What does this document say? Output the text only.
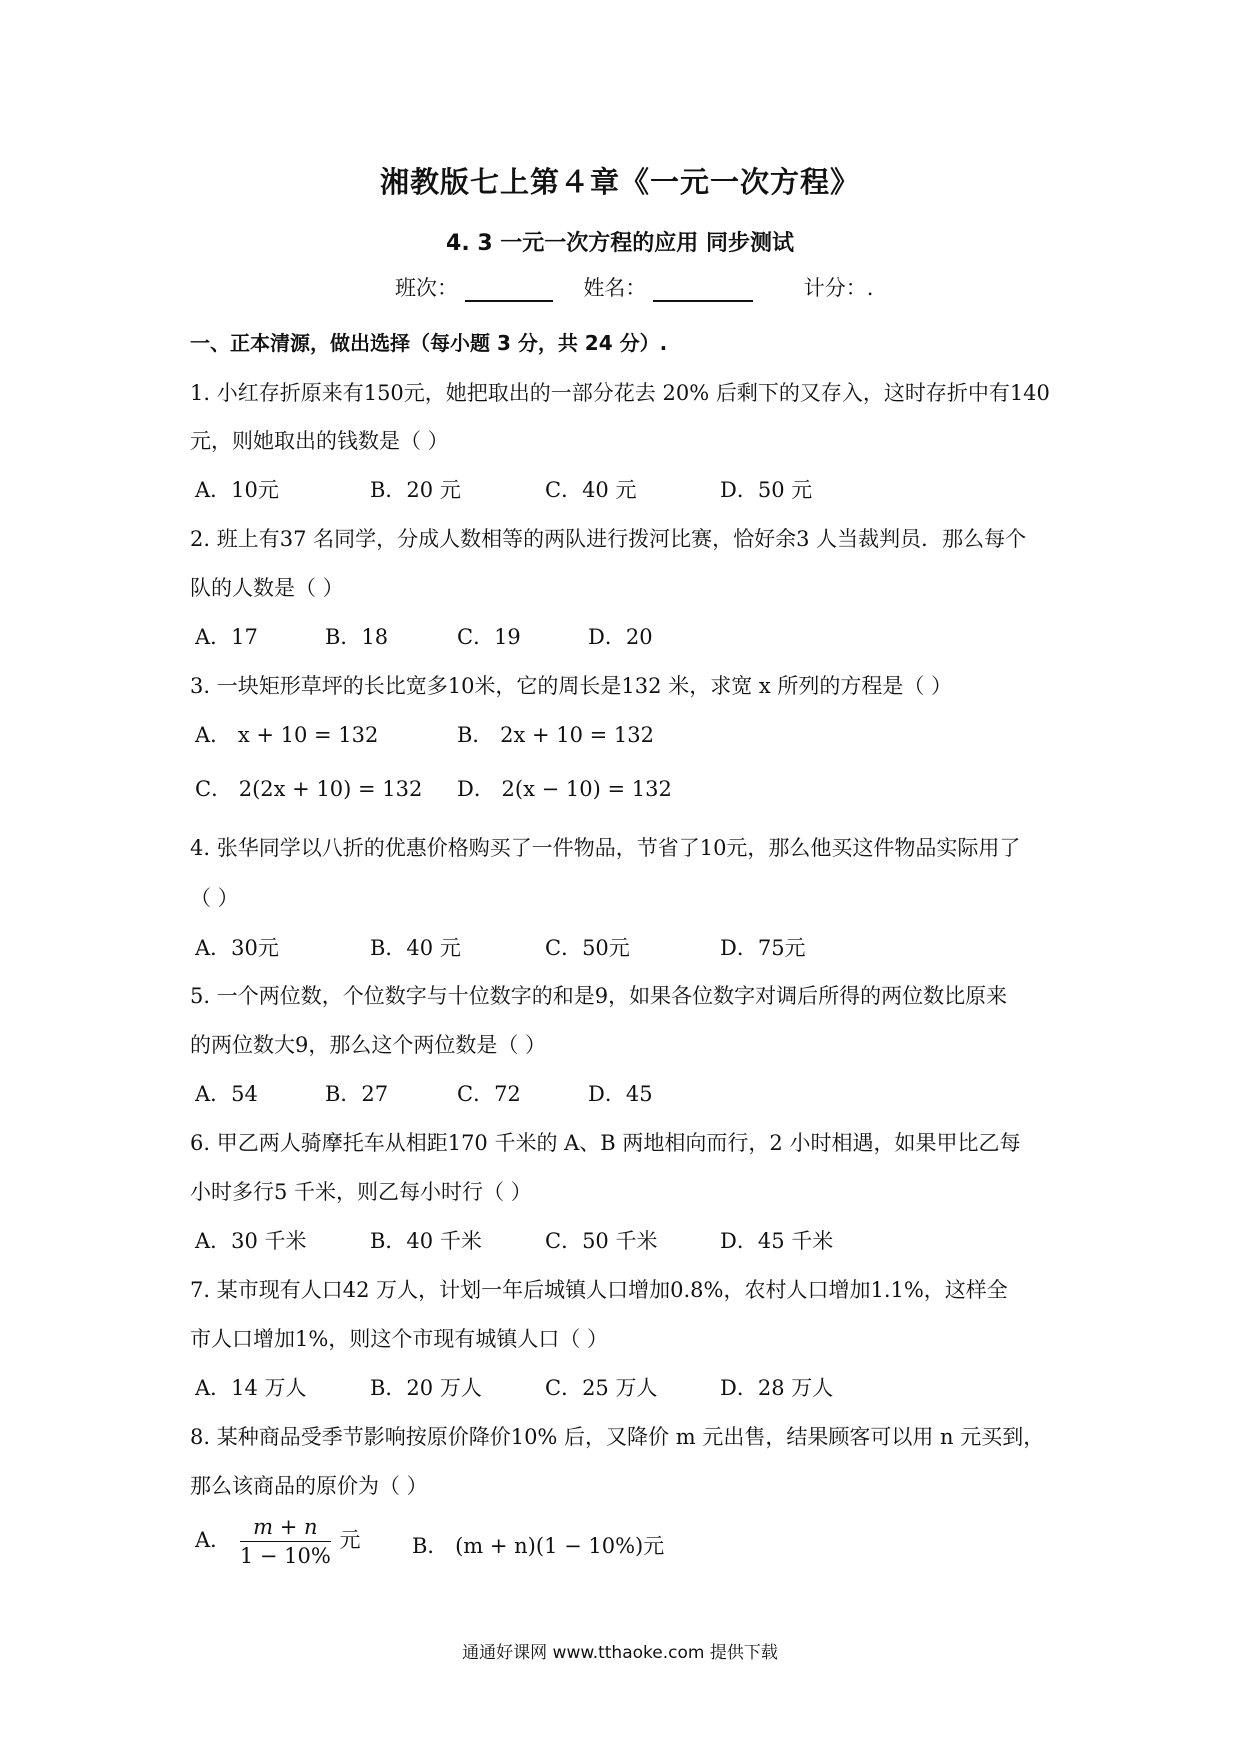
湘教版七上第４章《一元一次方程》
4. 3 一元一次方程的应用 同步测试
班次：	姓名：	计分：.
一、正本清源，做出选择（每小题 3 分，共 24 分）.
1. 小红存折原来有150元，她把取出的一部分花去 20% 后剩下的又存入，这时存折中有140
元，则她取出的钱数是（ ）
A．10元	B．20 元	C．40 元	D．50 元
2. 班上有37 名同学，分成人数相等的两队进行拨河比赛，恰好余3 人当裁判员．那么每个
队的人数是（ ）
A．17	B．18	C．19	D．20
3. 一块矩形草坪的长比宽多10米，它的周长是132 米，求宽 x 所列的方程是（ ）
A． x + 10 = 132	B． 2x + 10 = 132
C． 2(2x + 10) = 132 D． 2(x − 10) = 132
4. 张华同学以八折的优惠价格购买了一件物品，节省了10元，那么他买这件物品实际用了
（ ）
A．30元	B．40 元	C．50元	D．75元
5. 一个两位数，个位数字与十位数字的和是9，如果各位数字对调后所得的两位数比原来
的两位数大9，那么这个两位数是（ ）
A．54	B．27	C．72	D．45
6. 甲乙两人骑摩托车从相距170 千米的 A、B 两地相向而行，2 小时相遇，如果甲比乙每
小时多行5 千米，则乙每小时行（ ）
A．30 千米	B．40 千米	C．50 千米	D．45 千米
7. 某市现有人口42 万人，计划一年后城镇人口增加0.8%，农村人口增加1.1%，这样全
市人口增加1%，则这个市现有城镇人口（ ）
A．14 万人	B．20 万人	C．25 万人	D．28 万人
8. 某种商品受季节影响按原价降价10% 后，又降价 m 元出售，结果顾客可以用 n 元买到，
那么该商品的原价为（ ）
A． $\frac{m + n}{1 - 10\%}$ 元 B． (m + n)(1 − 10%)元
通通好课网 www.tthaoke.com 提供下载
